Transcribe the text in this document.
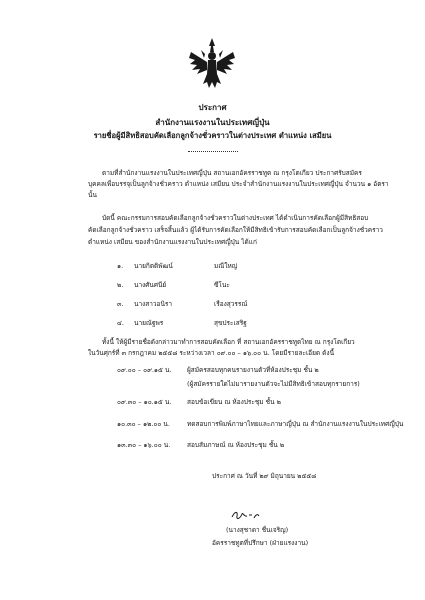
ประกาศ
สำนักงานแรงงานในประเทศญี่ปุ่น
รายชื่อผู้มีสิทธิสอบคัดเลือกลูกจ้างชั่วคราวในต่างประเทศ ตำแหน่ง เสมียน
ตามที่สำนักงานแรงงานในประเทศญี่ปุ่น สถานเอกอัครราชทูต ณ กรุงโตเกียว ประกาศรับสมัคร
บุคคลเพื่อบรรจุเป็นลูกจ้างชั่วคราว ตำแหน่ง เสมียน ประจำสำนักงานแรงงานในประเทศญี่ปุ่น จำนวน ๑ อัตรา
นั้น
บัดนี้ คณะกรรมการสอบคัดเลือกลูกจ้างชั่วคราวในต่างประเทศ ได้ดำเนินการคัดเลือกผู้มีสิทธิสอบ
คัดเลือกลูกจ้างชั่วคราว เสร็จสิ้นแล้ว ผู้ได้รับการคัดเลือกให้มีสิทธิเข้ารับการสอบคัดเลือกเป็นลูกจ้างชั่วคราว
ตำแหน่ง เสมียน ของสำนักงานแรงงานในประเทศญี่ปุ่น ได้แก่
๑. นายกิตติพัฒน์	มณีใหญ่
๒. นางศันศนีย์	ซีโนะ
๓. นางสาวอนิรา	เรืองสุวรรณ์
๔. นายณัฐพร	สุขประเสริฐ
ทั้งนี้ ให้ผู้มีรายชื่อดังกล่าวมาทำการสอบคัดเลือก ที่ สถานเอกอัครราชทูตไทย ณ กรุงโตเกียว
ในวันศุกร์ที่ ๓ กรกฎาคม ๒๕๕๘ ระหว่างเวลา ๐๙.๐๐ – ๑๖.๐๐ น. โดยมีรายละเอียด ดังนี้
๐๙.๐๐ – ๐๙.๑๕ น. ผู้สมัครสอบทุกคนรายงานตัวที่ห้องประชุม ชั้น ๒
(ผู้สมัครรายใดไม่มารายงานตัวจะไม่มีสิทธิเข้าสอบทุกรายการ)
๐๙.๓๐ – ๑๐.๑๕ น. สอบข้อเขียน ณ ห้องประชุม ชั้น ๒
๑๐.๓๐ – ๑๒.๐๐ น.	ทดสอบการพิมพ์ภาษาไทยและภาษาญี่ปุ่น ณ สำนักงานแรงงานในประเทศญี่ปุ่น
๑๓.๓๐ – ๑๖.๐๐ น.	สอบสัมภาษณ์ ณ ห้องประชุม ชั้น ๒
ประกาศ ณ วันที่ ๒๙ มิถุนายน ๒๕๕๘
(นางสุชาดา ชื่นเจริญ)
อัครราชทูตที่ปรึกษา (ฝ่ายแรงงาน)
